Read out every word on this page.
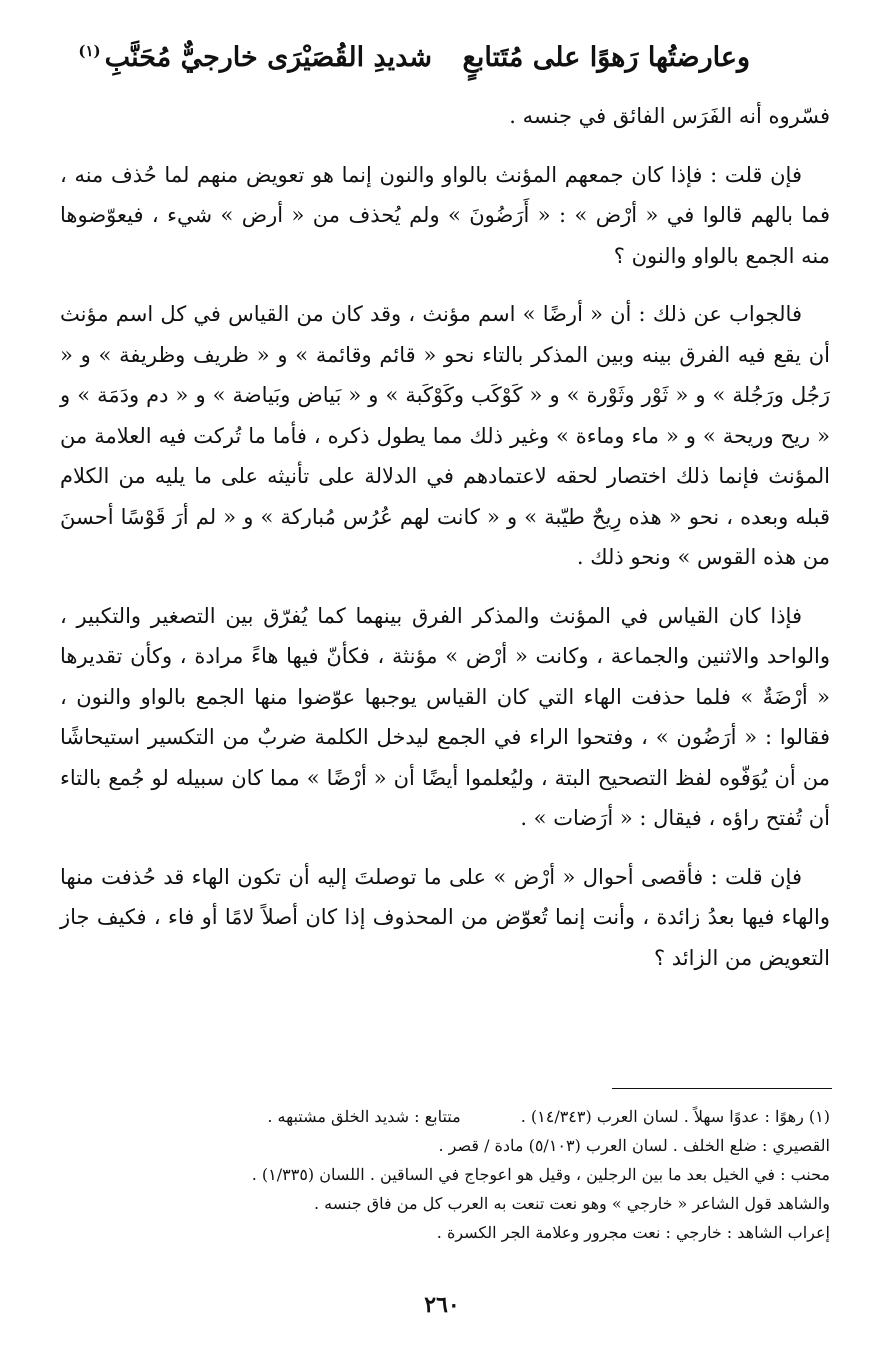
وعارضتُها رَهوًا على مُتَتابعٍ
شديدِ القُصَيْرَى خارجيٌّ مُحَنَّبِ$^{(١)}$

فسّروه أنه الفَرَس الفائق في جنسه .

فإن قلت : فإذا كان جمعهم المؤنث بالواو والنون إنما هو تعويض منهم لما حُذف منه ، فما بالهم قالوا في « أرْض » : « أَرَضُونَ » ولم يُحذف من « أرض » شيء ، فيعوّضوها منه الجمع بالواو والنون ؟

فالجواب عن ذلك : أن « أرضًا » اسم مؤنث ، وقد كان من القياس في كل اسم مؤنث أن يقع فيه الفرق بينه وبين المذكر بالتاء نحو « قائم وقائمة » و « ظريف وظريفة » و « رَجُل ورَجُلة » و « ثَوْر وثَوْرة » و « كَوْكَب وكَوْكَبة » و « بَياض وبَياضة » و « دم ودَمَة » و « ريح وريحة » و « ماء وماءة » وغير ذلك مما يطول ذكره ، فأما ما تُركت فيه العلامة من المؤنث فإنما ذلك اختصار لحقه لاعتمادهم في الدلالة على تأنيثه على ما يليه من الكلام قبله وبعده ، نحو « هذه رِيحٌ طيّبة » و « كانت لهم عُرُس مُباركة » و « لم أرَ قَوْسًا أحسنَ من هذه القوس » ونحو ذلك .

فإذا كان القياس في المؤنث والمذكر الفرق بينهما كما يُفرّق بين التصغير والتكبير ، والواحد والاثنين والجماعة ، وكانت « أرْض » مؤنثة ، فكأنّ فيها هاءً مرادة ، وكأن تقديرها « أرْضَةٌ » فلما حذفت الهاء التي كان القياس يوجبها عوّضوا منها الجمع بالواو والنون ، فقالوا : « أرَضُون » ، وفتحوا الراء في الجمع ليدخل الكلمة ضربٌ من التكسير استيحاشًا من أن يُوَفّوه لفظ التصحيح البتة ، وليُعلموا أيضًا أن « أرْضًا » مما كان سبيله لو جُمع بالتاء أن تُفتح راؤه ، فيقال : « أرَضات » .

فإن قلت : فأقصى أحوال « أرْض » على ما توصلتَ إليه أن تكون الهاء قد حُذفت منها والهاء فيها بعدُ زائدة ، وأنت إنما تُعوّض من المحذوف إذا كان أصلاً لامًا أو فاء ، فكيف جاز التعويض من الزائد ؟

(١) رهوًا : عدوًا سهلاً . لسان العرب (١٤/٣٤٣) .
متتابع : شديد الخلق مشتبهه .

القصيري : ضلع الخلف . لسان العرب (٥/١٠٣) مادة / قصر .

محنب : في الخيل بعد ما بين الرجلين ، وقيل هو اعوجاج في الساقين . اللسان (١/٣٣٥) .

والشاهد قول الشاعر « خارجي » وهو نعت تنعت به العرب كل من فاق جنسه .

إعراب الشاهد : خارجي : نعت مجرور وعلامة الجر الكسرة .

٢٦٠
